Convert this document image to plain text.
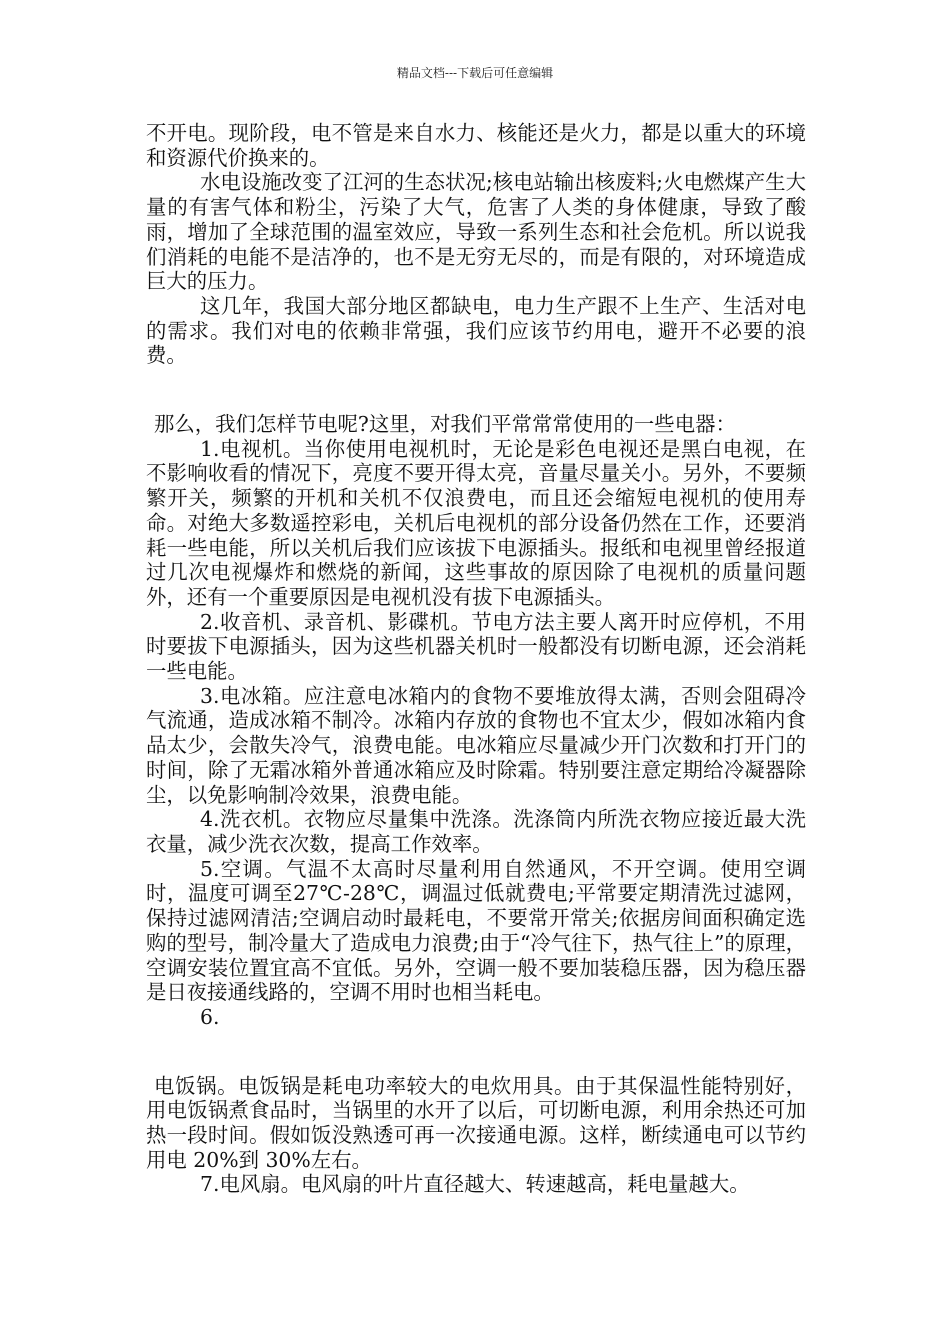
精品文档---下载后可任意编辑

不开电。现阶段，电不管是来自水力、核能还是火力，都是以重大的环境和资源代价换来的。

水电设施改变了江河的生态状况;核电站输出核废料;火电燃煤产生大量的有害气体和粉尘，污染了大气，危害了人类的身体健康，导致了酸雨，增加了全球范围的温室效应，导致一系列生态和社会危机。所以说我们消耗的电能不是洁净的，也不是无穷无尽的，而是有限的，对环境造成巨大的压力。

这几年，我国大部分地区都缺电，电力生产跟不上生产、生活对电的需求。我们对电的依赖非常强，我们应该节约用电，避开不必要的浪费。

那么，我们怎样节电呢?这里，对我们平常常常使用的一些电器：

1.电视机。当你使用电视机时，无论是彩色电视还是黑白电视，在不影响收看的情况下，亮度不要开得太亮，音量尽量关小。另外，不要频繁开关，频繁的开机和关机不仅浪费电，而且还会缩短电视机的使用寿命。对绝大多数遥控彩电，关机后电视机的部分设备仍然在工作，还要消耗一些电能，所以关机后我们应该拔下电源插头。报纸和电视里曾经报道过几次电视爆炸和燃烧的新闻，这些事故的原因除了电视机的质量问题外，还有一个重要原因是电视机没有拔下电源插头。

2.收音机、录音机、影碟机。节电方法主要人离开时应停机，不用时要拔下电源插头，因为这些机器关机时一般都没有切断电源，还会消耗一些电能。

3.电冰箱。应注意电冰箱内的食物不要堆放得太满，否则会阻碍冷气流通，造成冰箱不制冷。冰箱内存放的食物也不宜太少，假如冰箱内食品太少，会散失冷气，浪费电能。电冰箱应尽量减少开门次数和打开门的时间，除了无霜冰箱外普通冰箱应及时除霜。特别要注意定期给冷凝器除尘，以免影响制冷效果，浪费电能。

4.洗衣机。衣物应尽量集中洗涤。洗涤筒内所洗衣物应接近最大洗衣量，减少洗衣次数，提高工作效率。

5.空调。气温不太高时尽量利用自然通风，不开空调。使用空调时，温度可调至27℃-28℃，调温过低就费电;平常要定期清洗过滤网，保持过滤网清洁;空调启动时最耗电，不要常开常关;依据房间面积确定选购的型号，制冷量大了造成电力浪费;由于“冷气往下，热气往上”的原理，空调安装位置宜高不宜低。另外，空调一般不要加装稳压器，因为稳压器是日夜接通线路的，空调不用时也相当耗电。

6.

电饭锅。电饭锅是耗电功率较大的电炊用具。由于其保温性能特别好，用电饭锅煮食品时，当锅里的水开了以后，可切断电源，利用余热还可加热一段时间。假如饭没熟透可再一次接通电源。这样，断续通电可以节约用电 20%到 30%左右。

7.电风扇。电风扇的叶片直径越大、转速越高，耗电量越大。
